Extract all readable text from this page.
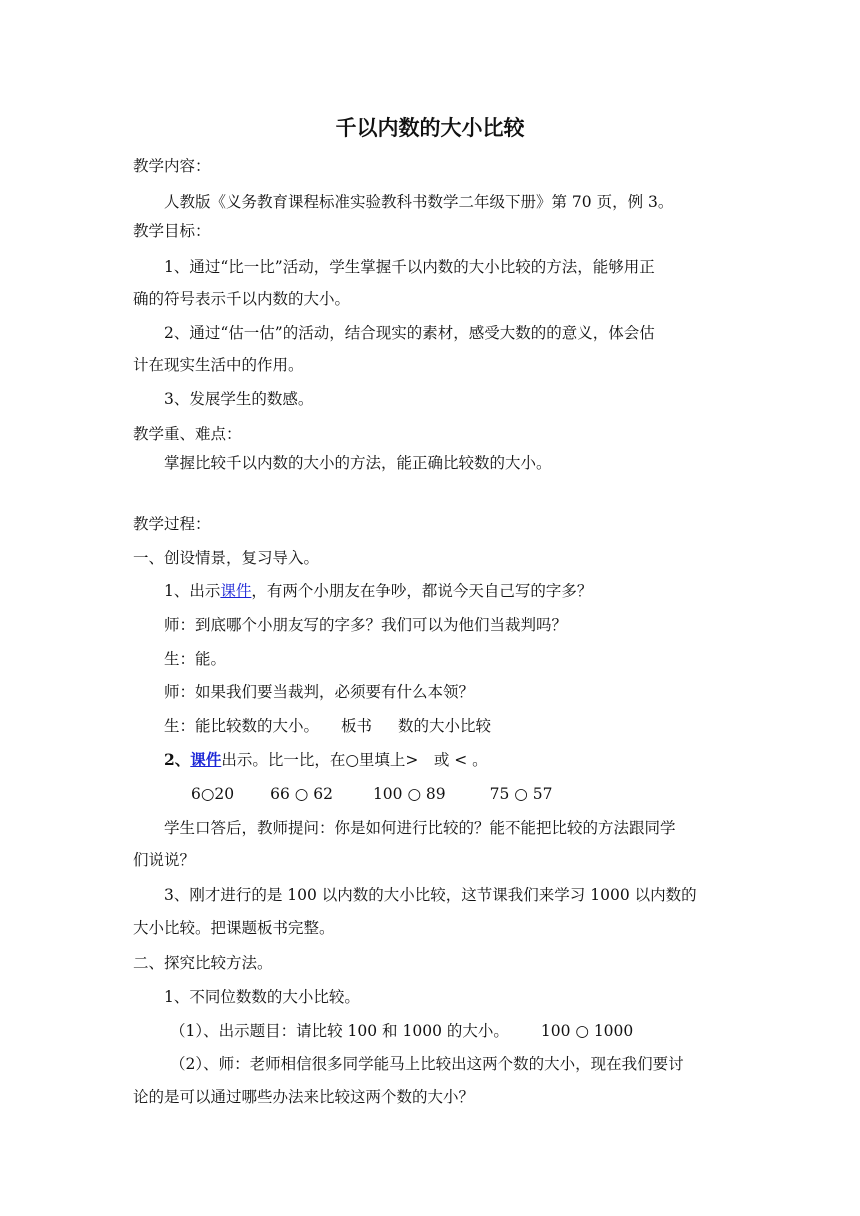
千以内数的大小比较
教学内容：
人教版《义务教育课程标准实验教科书数学二年级下册》第 70 页，例 3。
教学目标：
1、通过“比一比”活动，学生掌握千以内数的大小比较的方法，能够用正
确的符号表示千以内数的大小。
2、通过“估一估”的活动，结合现实的素材，感受大数的的意义，体会估
计在现实生活中的作用。
3、发展学生的数感。
教学重、难点：
掌握比较千以内数的大小的方法，能正确比较数的大小。
教学过程：
一、创设情景，复习导入。
1、出示课件，有两个小朋友在争吵，都说今天自己写的字多？
师：到底哪个小朋友写的字多？我们可以为他们当裁判吗？
生：能。
师：如果我们要当裁判，必须要有什么本领？
生：能比较数的大小。 板书 数的大小比较
2、课件出示。比一比，在○里填上>　或 < 。
6○20 66 ○ 62	100 ○ 89	75 ○ 57
学生口答后，教师提问：你是如何进行比较的？能不能把比较的方法跟同学
们说说？
3、刚才进行的是 100 以内数的大小比较，这节课我们来学习 1000 以内数的
大小比较。把课题板书完整。
二、探究比较方法。
1、不同位数数的大小比较。
（1）、出示题目：请比较 100 和 1000 的大小。 100 ○ 1000
（2）、师：老师相信很多同学能马上比较出这两个数的大小，现在我们要讨
论的是可以通过哪些办法来比较这两个数的大小？
